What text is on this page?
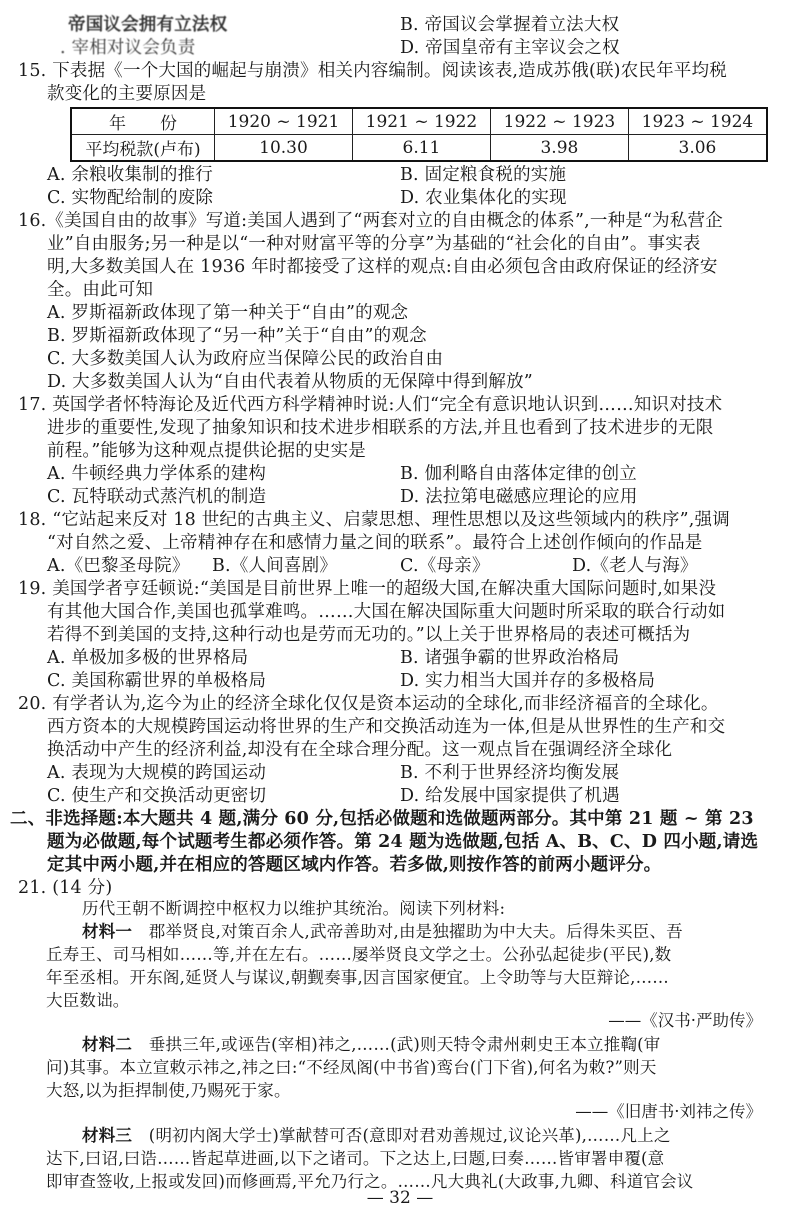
帝国议会拥有立法权
. 宰相对议会负责
B. 帝国议会掌握着立法大权
D. 帝国皇帝有主宰议会之权
15. 下表据《一个大国的崛起与崩溃》相关内容编制。阅读该表,造成苏俄(联)农民年平均税
款变化的主要原因是
年　　份	1920 ~ 1921	1921 ~ 1922	1922 ~ 1923	1923 ~ 1924
平均税款(卢布)	10.30	6.11	3.98	3.06
A. 余粮收集制的推行	B. 固定粮食税的实施
C. 实物配给制的废除	D. 农业集体化的实现
16.《美国自由的故事》写道:美国人遇到了“两套对立的自由概念的体系”,一种是“为私营企
业”自由服务;另一种是以“一种对财富平等的分享”为基础的“社会化的自由”。事实表
明,大多数美国人在 1936 年时都接受了这样的观点:自由必须包含由政府保证的经济安
全。由此可知
A. 罗斯福新政体现了第一种关于“自由”的观念
B. 罗斯福新政体现了“另一种”关于“自由”的观念
C. 大多数美国人认为政府应当保障公民的政治自由
D. 大多数美国人认为“自由代表着从物质的无保障中得到解放”
17. 英国学者怀特海论及近代西方科学精神时说:人们“完全有意识地认识到……知识对技术
进步的重要性,发现了抽象知识和技术进步相联系的方法,并且也看到了技术进步的无限
前程。”能够为这种观点提供论据的史实是
A. 牛顿经典力学体系的建构	B. 伽利略自由落体定律的创立
C. 瓦特联动式蒸汽机的制造	D. 法拉第电磁感应理论的应用
18. “它站起来反对 18 世纪的古典主义、启蒙思想、理性思想以及这些领域内的秩序”,强调
“对自然之爱、上帝精神存在和感情力量之间的联系”。最符合上述创作倾向的作品是
A.《巴黎圣母院》 B.《人间喜剧》	C.《母亲》	D.《老人与海》
19. 美国学者亨廷顿说:“美国是目前世界上唯一的超级大国,在解决重大国际问题时,如果没
有其他大国合作,美国也孤掌难鸣。……大国在解决国际重大问题时所采取的联合行动如
若得不到美国的支持,这种行动也是劳而无功的。”以上关于世界格局的表述可概括为
A. 单极加多极的世界格局	B. 诸强争霸的世界政治格局
C. 美国称霸世界的单极格局	D. 实力相当大国并存的多极格局
20. 有学者认为,迄今为止的经济全球化仅仅是资本运动的全球化,而非经济福音的全球化。
西方资本的大规模跨国运动将世界的生产和交换活动连为一体,但是从世界性的生产和交
换活动中产生的经济利益,却没有在全球合理分配。这一观点旨在强调经济全球化
A. 表现为大规模的跨国运动	B. 不利于世界经济均衡发展
C. 使生产和交换活动更密切	D. 给发展中国家提供了机遇
二、非选择题:本大题共 4 题,满分 60 分,包括必做题和选做题两部分。其中第 21 题 ~ 第 23
题为必做题,每个试题考生都必须作答。第 24 题为选做题,包括 A、B、C、D 四小题,请选
定其中两小题,并在相应的答题区域内作答。若多做,则按作答的前两小题评分。
21. (14 分)
历代王朝不断调控中枢权力以维护其统治。阅读下列材料:
材料一　郡举贤良,对策百余人,武帝善助对,由是独擢助为中大夫。后得朱买臣、吾
丘寿王、司马相如……等,并在左右。……屡举贤良文学之士。公孙弘起徒步(平民),数
年至丞相。开东阁,延贤人与谋议,朝觐奏事,因言国家便宜。上令助等与大臣辩论,……
大臣数诎。
——《汉书·严助传》
材料二　垂拱三年,或诬告(宰相)祎之,……(武)则天特令肃州刺史王本立推鞫(审
问)其事。本立宣敕示祎之,祎之曰:“不经凤阁(中书省)鸾台(门下省),何名为敕?”则天
大怒,以为拒捍制使,乃赐死于家。
——《旧唐书·刘祎之传》
材料三　(明初内阁大学士)掌献替可否(意即对君劝善规过,议论兴革),……凡上之
达下,曰诏,曰诰……皆起草进画,以下之诸司。下之达上,曰题,曰奏……皆审署申覆(意
即审查签收,上报或发回)而修画焉,平允乃行之。……凡大典礼(大政事,九卿、科道官会议
— 32 —
